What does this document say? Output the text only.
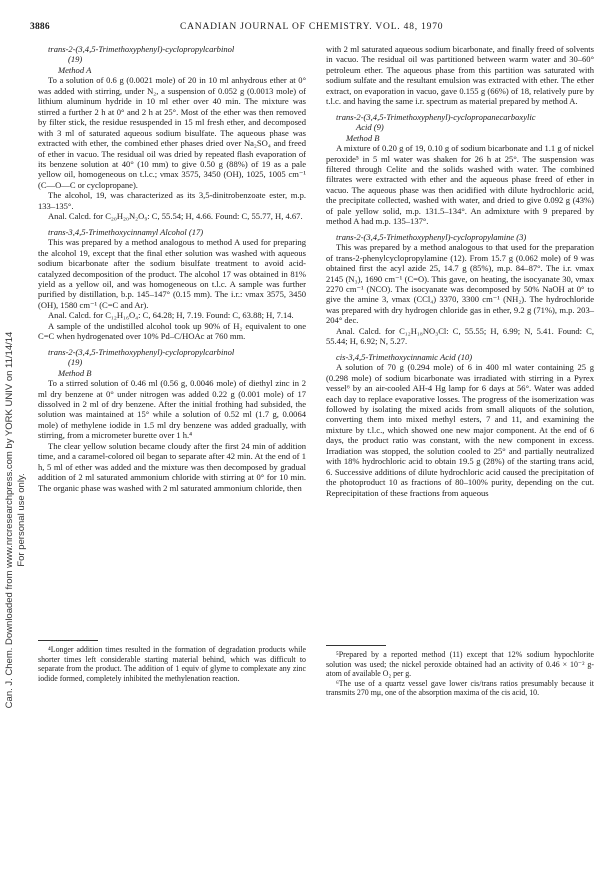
3886	CANADIAN JOURNAL OF CHEMISTRY. VOL. 48, 1970
Can. J. Chem. Downloaded from www.nrcresearchpress.com by YORK UNIV on 11/14/14 For personal use only.

trans-2-(3,4,5-Trimethoxyphenyl)-cyclopropylcarbinol
(19)

Method A

To a solution of 0.6 g (0.0021 mole) of 20 in 10 ml anhydrous ether at 0° was added with stirring, under N₂, a suspension of 0.052 g (0.0013 mole) of lithium aluminum hydride in 10 ml ether over 40 min. The mixture was stirred a further 2 h at 0° and 2 h at 25°. Most of the ether was then removed by filter stick, the residue resuspended in 15 ml fresh ether, and decomposed with 3 ml of saturated aqueous sodium bisulfate. The aqueous phase was extracted with ether, the combined ether phases dried over Na₂SO₄ and freed of ether in vacuo. The residual oil was dried by repeated flash evaporation of its benzene solution at 40° (10 mm) to give 0.50 g (88%) of 19 as a pale yellow oil, homogeneous on t.l.c.; νmax 3575, 3450 (OH), 1025, 1005 cm⁻¹ (C—O—C or cyclopropane).

The alcohol, 19, was characterized as its 3,5-dinitrobenzoate ester, m.p. 133–135°.

Anal. Calcd. for C₂₀H₂₀N₂O₉: C, 55.54; H, 4.66. Found: C, 55.77, H, 4.67.

trans-3,4,5-Trimethoxycinnamyl Alcohol (17)

This was prepared by a method analogous to method A used for preparing the alcohol 19, except that the final ether solution was washed with aqueous sodium bicarbonate after the sodium bisulfate treatment to avoid acid-catalyzed decomposition of the product. The alcohol 17 was obtained in 81% yield as a yellow oil, and was homogeneous on t.l.c. A sample was further purified by distillation, b.p. 145–147° (0.15 mm). The i.r.: νmax 3575, 3450 (OH), 1580 cm⁻¹ (C=C and Ar).

Anal. Calcd. for C₁₂H₁₆O₄: C, 64.28; H, 7.19. Found: C, 63.88; H, 7.14.

A sample of the undistilled alcohol took up 90% of H₂ equivalent to one C=C when hydrogenated over 10% Pd–C/HOAc at 760 mm.

trans-2-(3,4,5-Trimethoxyphenyl)-cyclopropylcarbinol
(19)

Method B

To a stirred solution of 0.46 ml (0.56 g, 0.0046 mole) of diethyl zinc in 2 ml dry benzene at 0° under nitrogen was added 0.22 g (0.001 mole) of 17 dissolved in 2 ml of dry benzene. After the initial frothing had subsided, the solution was maintained at 15° while a solution of 0.52 ml (1.7 g, 0.0064 mole) of methylene iodide in 1.5 ml dry benzene was added gradually, with stirring, from a micrometer burette over 1 h.⁴

The clear yellow solution became cloudy after the first 24 min of addition time, and a caramel-colored oil began to separate after 42 min. At the end of 1 h, 5 ml of ether was added and the mixture was then decomposed by gradual addition of 2 ml saturated ammonium chloride with stirring at 0° for 10 min. The organic phase was washed with 2 ml saturated ammonium chloride, then

with 2 ml saturated aqueous sodium bicarbonate, and finally freed of solvents in vacuo. The residual oil was partitioned between warm water and 30–60° petroleum ether. The aqueous phase from this partition was saturated with sodium sulfate and the resultant emulsion was extracted with ether. The ether extract, on evaporation in vacuo, gave 0.155 g (66%) of 18, relatively pure by t.l.c. and having the same i.r. spectrum as material prepared by method A.

trans-2-(3,4,5-Trimethoxyphenyl)-cyclopropanecarboxylic
Acid (9)

Method B

A mixture of 0.20 g of 19, 0.10 g of sodium bicarbonate and 1.1 g of nickel peroxide⁵ in 5 ml water was shaken for 26 h at 25°. The suspension was filtered through Celite and the solids washed with water. The combined filtrates were extracted with ether and the aqueous phase freed of ether in vacuo. The aqueous phase was then acidified with dilute hydrochloric acid, the precipitate collected, washed with water, and dried to give 0.092 g (43%) of pale yellow solid, m.p. 131.5–134°. An admixture with 9 prepared by method A had m.p. 135–137°.

trans-2-(3,4,5-Trimethoxyphenyl)-cyclopropylamine (3)

This was prepared by a method analogous to that used for the preparation of trans-2-phenylcyclopropylamine (12). From 15.7 g (0.062 mole) of 9 was obtained first the acyl azide 25, 14.7 g (85%), m.p. 84–87°. The i.r. νmax 2145 (N₃), 1690 cm⁻¹ (C=O). This gave, on heating, the isocyanate 30, νmax 2270 cm⁻¹ (NCO). The isocyanate was decomposed by 50% NaOH at 0° to give the amine 3, νmax (CCl₄) 3370, 3300 cm⁻¹ (NH₂). The hydrochloride was prepared with dry hydrogen chloride gas in ether, 9.2 g (71%), m.p. 203–204° dec.

Anal. Calcd. for C₁₂H₁₈NO₃Cl: C, 55.55; H, 6.99; N, 5.41. Found: C, 55.44; H, 6.92; N, 5.27.

cis-3,4,5-Trimethoxycinnamic Acid (10)

A solution of 70 g (0.294 mole) of 6 in 400 ml water containing 25 g (0.298 mole) of sodium bicarbonate was irradiated with stirring in a Pyrex vessel⁶ by an air-cooled AH-4 Hg lamp for 6 days at 56°. Water was added each day to replace evaporative losses. The progress of the isomerization was followed by isolating the mixed acids from small aliquots of the solution, converting them into mixed methyl esters, 7 and 11, and examining the mixture by t.l.c., which showed one new major component. At the end of 6 days, the product ratio was constant, with the new component in excess. Irradiation was stopped, the solution cooled to 25° and partially neutralized with 18% hydrochloric acid to obtain 19.5 g (28%) of the starting trans acid, 6. Successive additions of dilute hydrochloric acid caused the precipitation of the photoproduct 10 as fractions of 80–100% purity, depending on the cut. Reprecipitation of these fractions from aqueous

⁴Longer addition times resulted in the formation of degradation products while shorter times left considerable starting material behind, which was difficult to separate from the product. The addition of 1 equiv of glyme to complexate any zinc iodide formed, completely inhibited the methylenation reaction.

⁵Prepared by a reported method (11) except that 12% sodium hypochlorite solution was used; the nickel peroxide obtained had an activity of 0.46 × 10⁻² g-atom of available O₂ per g.

⁶The use of a quartz vessel gave lower cis/trans ratios presumably because it transmits 270 mμ, one of the absorption maxima of the cis acid, 10.
